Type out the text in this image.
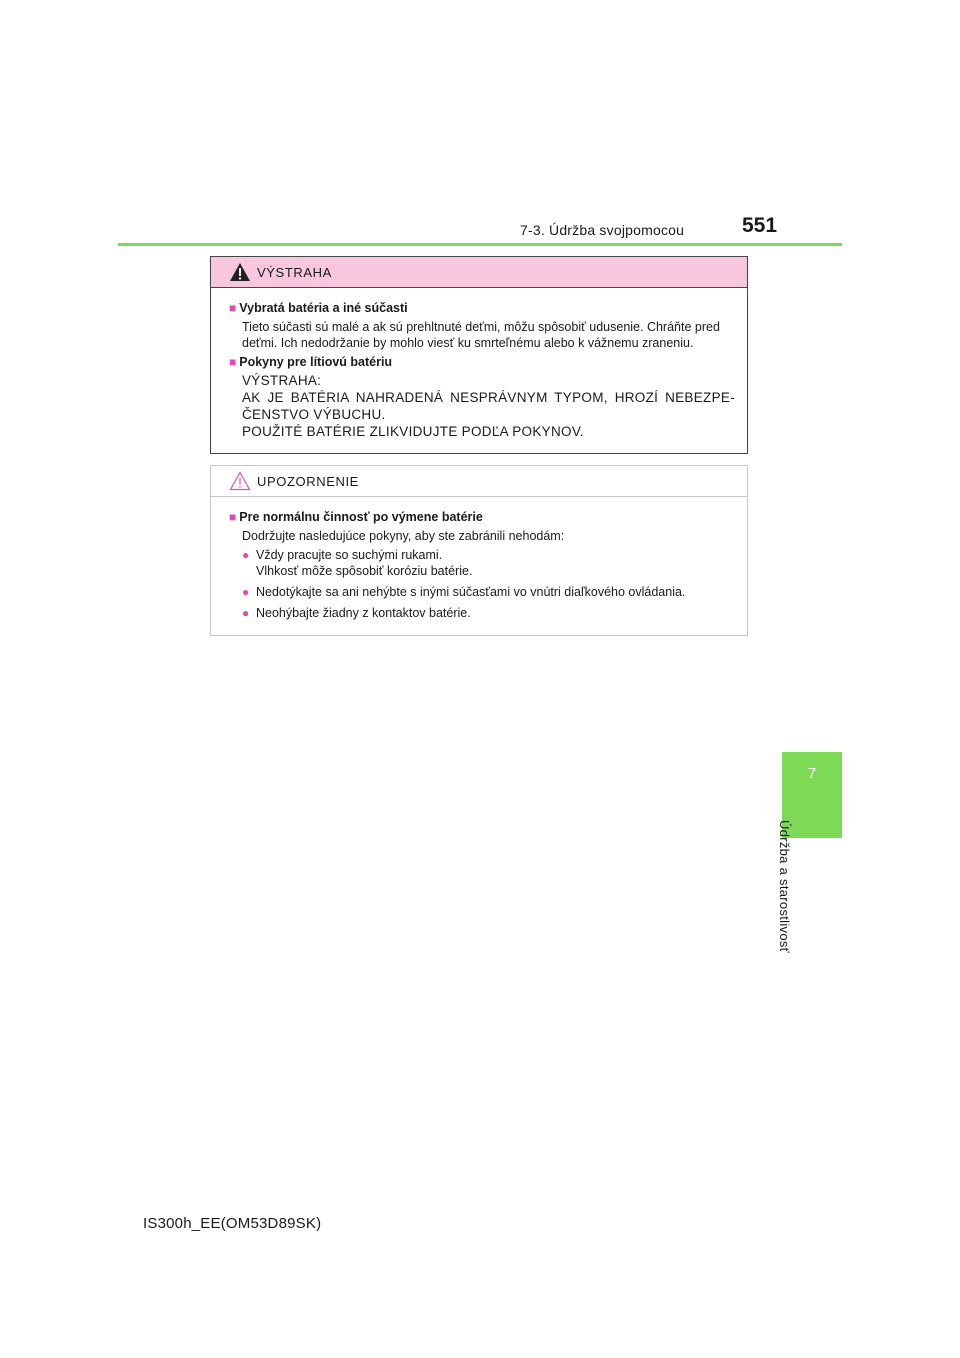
7-3. Údržba svojpomocou	551
7
Údržba a starostlivosť
VÝSTRAHA
■ Vybratá batéria a iné súčasti
Tieto súčasti sú malé a ak sú prehltnuté deťmi, môžu spôsobiť udusenie. Chráňte pred deťmi. Ich nedodržanie by mohlo viesť ku smrteľnému alebo k vážnemu zraneniu.
■ Pokyny pre lítiovú batériu
VÝSTRAHA:
AK JE BATÉRIA NAHRADENÁ NESPRÁVNYM TYPOM, HROZÍ NEBEZPE-
ČENSTVO VÝBUCHU.
POUŽITÉ BATÉRIE ZLIKVIDUJTE PODĽA POKYNOV.
UPOZORNENIE
■ Pre normálnu činnosť po výmene batérie
Dodržujte nasledujúce pokyny, aby ste zabránili nehodám:
● Vždy pracujte so suchými rukami.
Vlhkosť môže spôsobiť koróziu batérie.
● Nedotýkajte sa ani nehýbte s inými súčasťami vo vnútri diaľkového ovládania.
● Neohýbajte žiadny z kontaktov batérie.
IS300h_EE(OM53D89SK)
